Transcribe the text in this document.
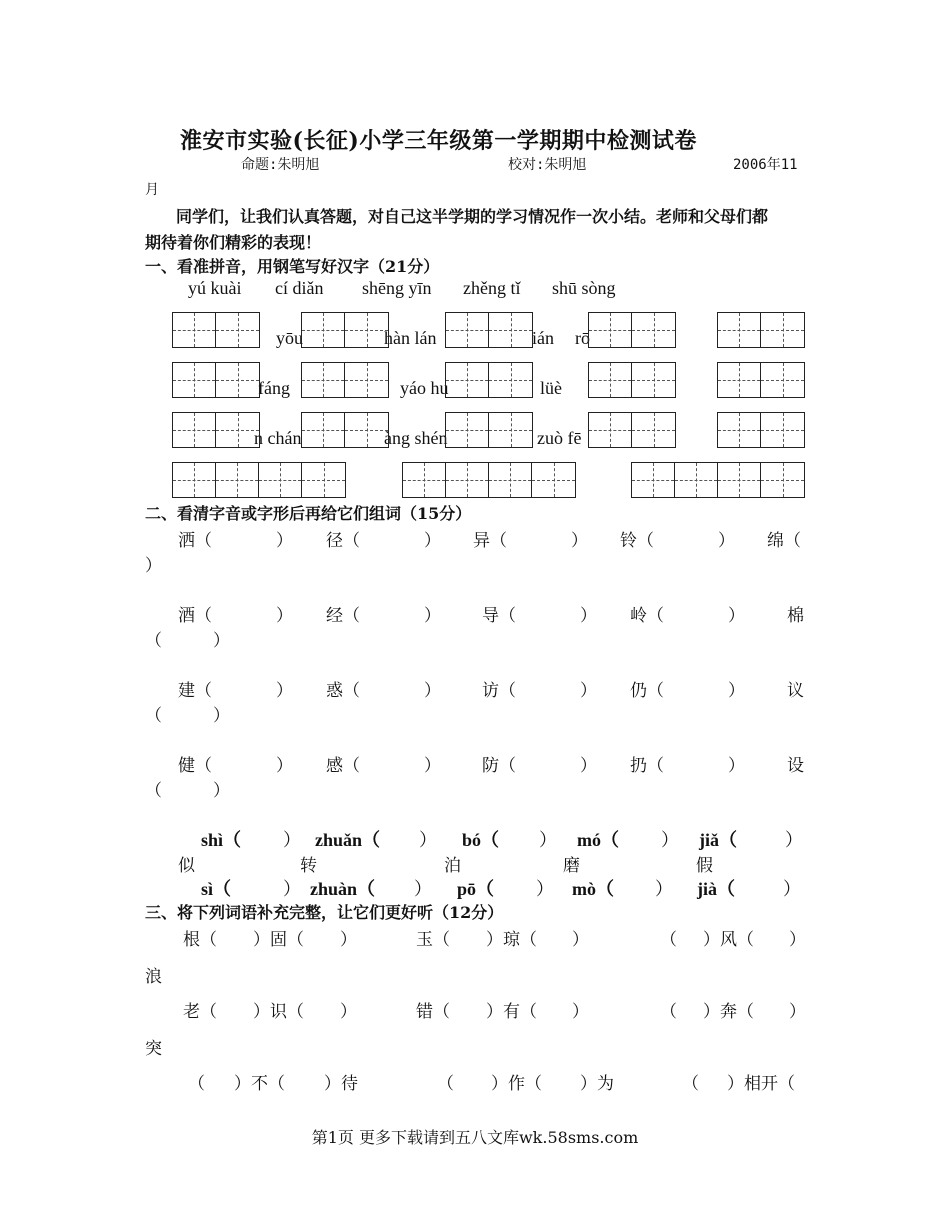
淮安市实验(长征)小学三年级第一学期期中检测试卷
命题:朱明旭	校对:朱明旭	2006年11
月
同学们，让我们认真答题，对自己这半学期的学习情况作一次小结。老师和父母们都
期待着你们精彩的表现！
一、看准拼音，用钢笔写好汉字（21分）
yú kuài cí diǎn shēng yīn zhěng tǐ shū sòng
yōu	hàn lán	ián rō
fáng	yáo hu	lüè
n chán	àng shén	zuò fē
二、看清字音或字形后再给它们组词（15分）
洒（	） 径（	） 异（	） 铃（	） 绵（
）
酒（	） 经（	） 导（	） 岭（	） 棉
（　　　）
建（	） 惑（	） 访（	） 仍（	） 议
（　　　）
健（	） 感（	） 防（	） 扔（	） 设
（　　　）
shì（ ） zhuǎn（ ） bó（ ） mó（ ） jiǎ（	）
似	转	泊	磨	假
sì（	） zhuàn（ ） pō（ ） mò（ ） jià（	）
三、将下列词语补充完整，让它们更好听（12分）
根（ ）固（ ）	玉（ ）琼（ ）	（ ）风（ ）
浪
老（ ）识（ ）	错（ ）有（ ）	（ ）奔（ ）
突
（ ）不（ ）待	（ ）作（ ）为	（ ）相开（
第1页 更多下载请到五八文库wk.58sms.com
